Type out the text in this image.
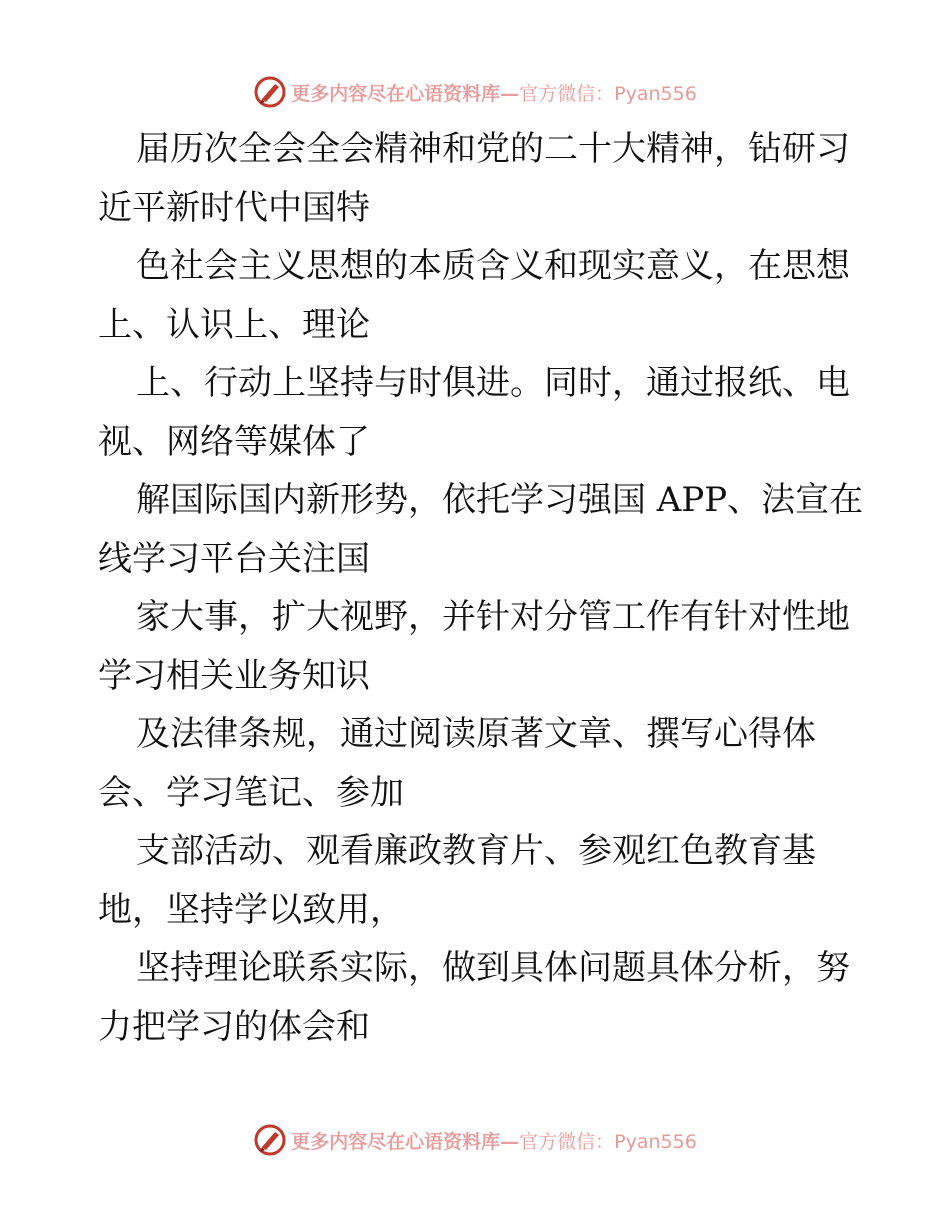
更多内容尽在心语资料库— 官方微信：Pyan556

届历次全会全会精神和党的二十大精神，钻研习
近平新时代中国特

色社会主义思想的本质含义和现实意义，在思想
上、认识上、理论

上、行动上坚持与时俱进。同时，通过报纸、电
视、网络等媒体了

解国际国内新形势，依托学习强国 APP、法宣在
线学习平台关注国

家大事，扩大视野，并针对分管工作有针对性地
学习相关业务知识

及法律条规，通过阅读原著文章、撰写心得体
会、学习笔记、参加

支部活动、观看廉政教育片、参观红色教育基
地，坚持学以致用，

坚持理论联系实际，做到具体问题具体分析，努
力把学习的体会和

更多内容尽在心语资料库— 官方微信：Pyan556
